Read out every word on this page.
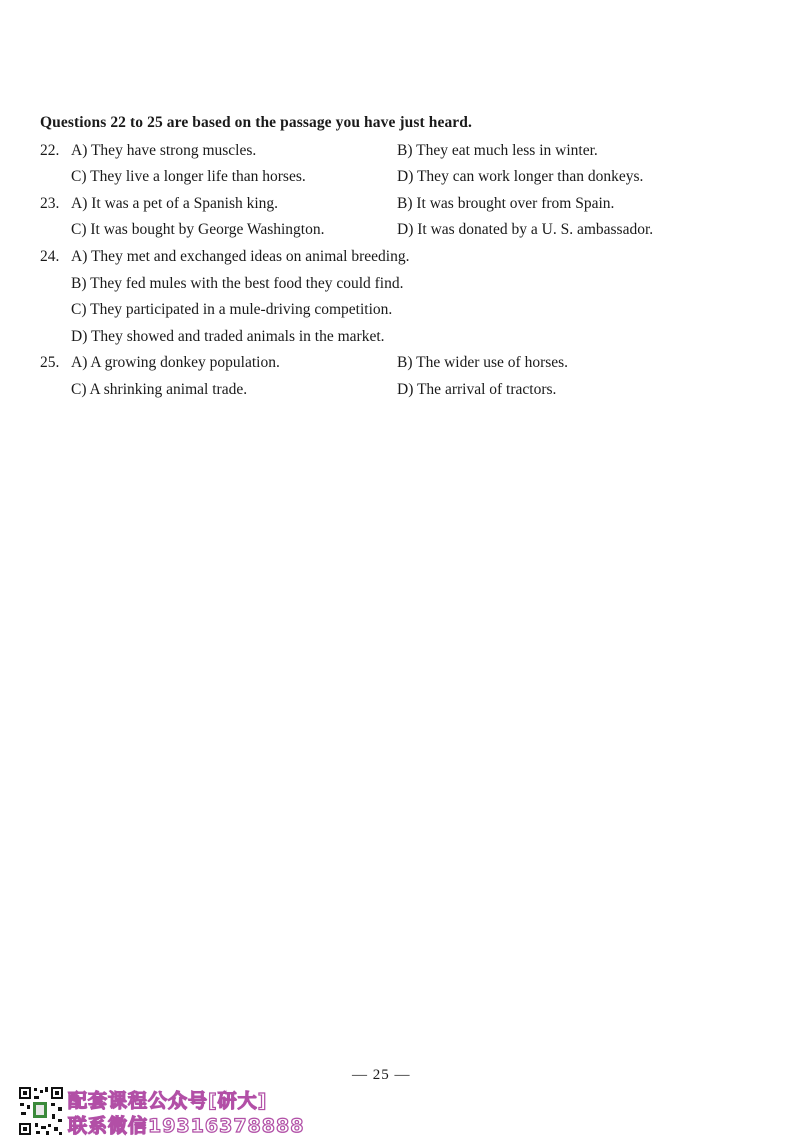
Questions 22 to 25 are based on the passage you have just heard.
22. A) They have strong muscles.	B) They eat much less in winter.
C) They live a longer life than horses.	D) They can work longer than donkeys.
23. A) It was a pet of a Spanish king.	B) It was brought over from Spain.
C) It was bought by George Washington.	D) It was donated by a U. S. ambassador.
24. A) They met and exchanged ideas on animal breeding.
B) They fed mules with the best food they could find.
C) They participated in a mule-driving competition.
D) They showed and traded animals in the market.
25. A) A growing donkey population.	B) The wider use of horses.
C) A shrinking animal trade.	D) The arrival of tractors.
— 25 —
配套课程公众号[研大]
联系微信19316378888
